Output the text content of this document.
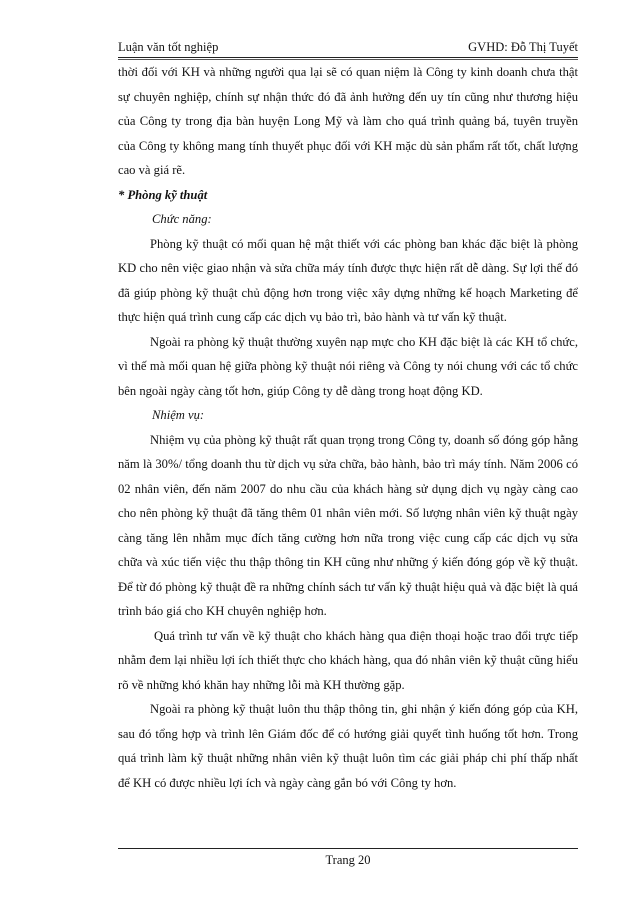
Luận văn tốt nghiệp	GVHD: Đỗ Thị Tuyết

thời đối với KH và những người qua lại sẽ có quan niệm là Công ty kinh doanh chưa thật sự chuyên nghiệp, chính sự nhận thức đó đã ảnh hưởng đến uy tín cũng như thương hiệu của Công ty trong địa bàn huyện Long Mỹ và làm cho quá trình quảng bá, tuyên truyền của Công ty không mang tính thuyết phục đối với KH mặc dù sản phẩm rất tốt, chất lượng cao và giá rẽ.

* Phòng kỹ thuật

Chức năng:

Phòng kỹ thuật có mối quan hệ mật thiết với các phòng ban khác đặc biệt là phòng KD cho nên việc giao nhận và sửa chữa máy tính được thực hiện rất dễ dàng. Sự lợi thế đó đã giúp phòng kỹ thuật chủ động hơn trong việc xây dựng những kế hoạch Marketing để thực hiện quá trình cung cấp các dịch vụ bảo trì, bảo hành và tư vấn kỹ thuật.

Ngoài ra phòng kỹ thuật thường xuyên nạp mực cho KH đặc biệt là các KH tổ chức, vì thế mà mối quan hệ giữa phòng kỹ thuật nói riêng và Công ty nói chung với các tổ chức bên ngoài ngày càng tốt hơn, giúp Công ty dễ dàng trong hoạt động KD.

Nhiệm vụ:

Nhiệm vụ của phòng kỹ thuật rất quan trọng trong Công ty, doanh số đóng góp hằng năm là 30%/ tổng doanh thu từ dịch vụ sửa chữa, bảo hành, bảo trì máy tính. Năm 2006 có 02 nhân viên, đến năm 2007 do nhu cầu của khách hàng sử dụng dịch vụ ngày càng cao cho nên phòng kỹ thuật đã tăng thêm 01 nhân viên mới. Số lượng nhân viên kỹ thuật ngày càng tăng lên nhằm mục đích tăng cường hơn nữa trong việc cung cấp các dịch vụ sửa chữa và xúc tiến việc thu thập thông tin KH cũng như những ý kiến đóng góp về kỹ thuật. Để từ đó phòng kỹ thuật đề ra những chính sách tư vấn kỹ thuật hiệu quả và đặc biệt là quá trình báo giá cho KH chuyên nghiệp hơn.

Quá trình tư vấn về kỹ thuật cho khách hàng qua điện thoại hoặc trao đổi trực tiếp nhằm đem lại nhiều lợi ích thiết thực cho khách hàng, qua đó nhân viên kỹ thuật cũng hiểu rõ về những khó khăn hay những lỗi mà KH thường gặp.

Ngoài ra phòng kỹ thuật luôn thu thập thông tin, ghi nhận ý kiến đóng góp của KH, sau đó tổng hợp và trình lên Giám đốc để có hướng giải quyết tình huống tốt hơn. Trong quá trình làm kỹ thuật những nhân viên kỹ thuật luôn tìm các giải pháp chi phí thấp nhất để KH có được nhiều lợi ích và ngày càng gắn bó với Công ty hơn.

Trang 20
